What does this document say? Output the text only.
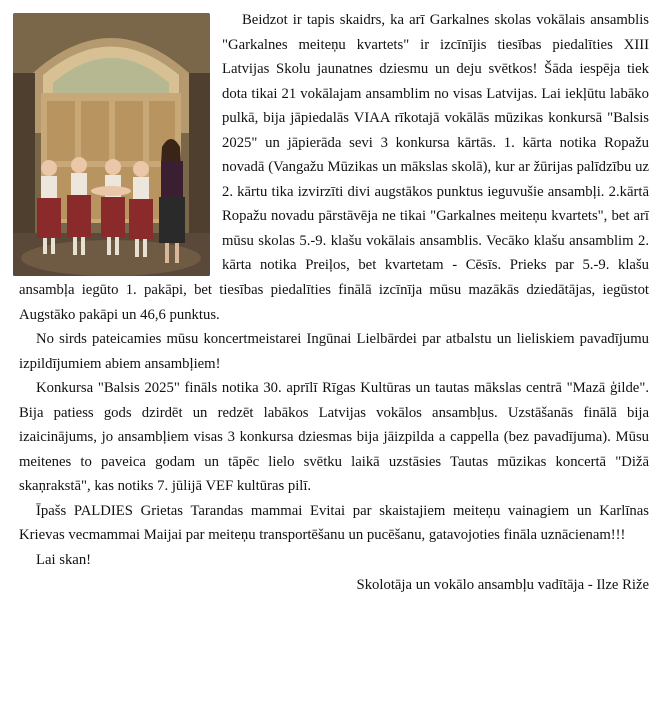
Beidzot ir tapis skaidrs, ka arī Garkalnes skolas vokālais ansamblis "Garkalnes meiteņu kvartets" ir izcīnījis tiesības piedalīties XIII Latvijas Skolu jaunatnes dziesmu un deju svētkos! Šāda iespēja tiek dota tikai 21 vokālajam ansamblim no visas Latvijas. Lai iekļūtu labāko pulkā, bija jāpiedalās VIAA rīkotajā vokālās mūzikas konkursā "Balsis 2025" un jāpierāda sevi 3 konkursa kārtās. 1. kārta notika Ropažu novadā (Vangažu Mūzikas un mākslas skolā), kur ar žūrijas palīdzību uz 2. kārtu tika izvirzīti divi augstākos punktus ieguvušie ansambļi. 2.kārtā Ropažu novadu pārstāvēja ne tikai "Garkalnes meiteņu kvartets", bet arī mūsu skolas 5.-9. klašu vokālais ansamblis. Vecāko klašu ansamblim 2. kārta notika Preiļos, bet kvartetam - Cēsīs. Prieks par 5.-9. klašu ansambļa iegūto 1. pakāpi, bet tiesības piedalīties finālā izcīnīja mūsu mazākās dziedātājas, iegūstot Augstāko pakāpi un 46,6 punktus.

No sirds pateicamies mūsu koncertmeistarei Ingūnai Lielbārdei par atbalstu un lieliskiem pavadījumu izpildījumiem abiem ansambļiem!

Konkursa "Balsis 2025" fināls notika 30. aprīlī Rīgas Kultūras un tautas mākslas centrā "Mazā ģilde". Bija patiess gods dzirdēt un redzēt labākos Latvijas vokālos ansambļus. Uzstāšanās finālā bija izaicinājums, jo ansambļiem visas 3 konkursa dziesmas bija jāizpilda a cappella (bez pavadījuma). Mūsu meitenes to paveica godam un tāpēc lielo svētku laikā uzstāsies Tautas mūzikas koncertā "Dižā skaņrakstā", kas notiks 7. jūlijā VEF kultūras pilī.

Īpašs PALDIES Grietas Tarandas mammai Evitai par skaistajiem meiteņu vainagiem un Karlīnas Krievas vecmammai Maijai par meiteņu transportēšanu un pucēšanu, gatavojoties fināla uznācienam!!!

Lai skan!

Skolotāja un vokālo ansambļu vadītāja - Ilze Riže
